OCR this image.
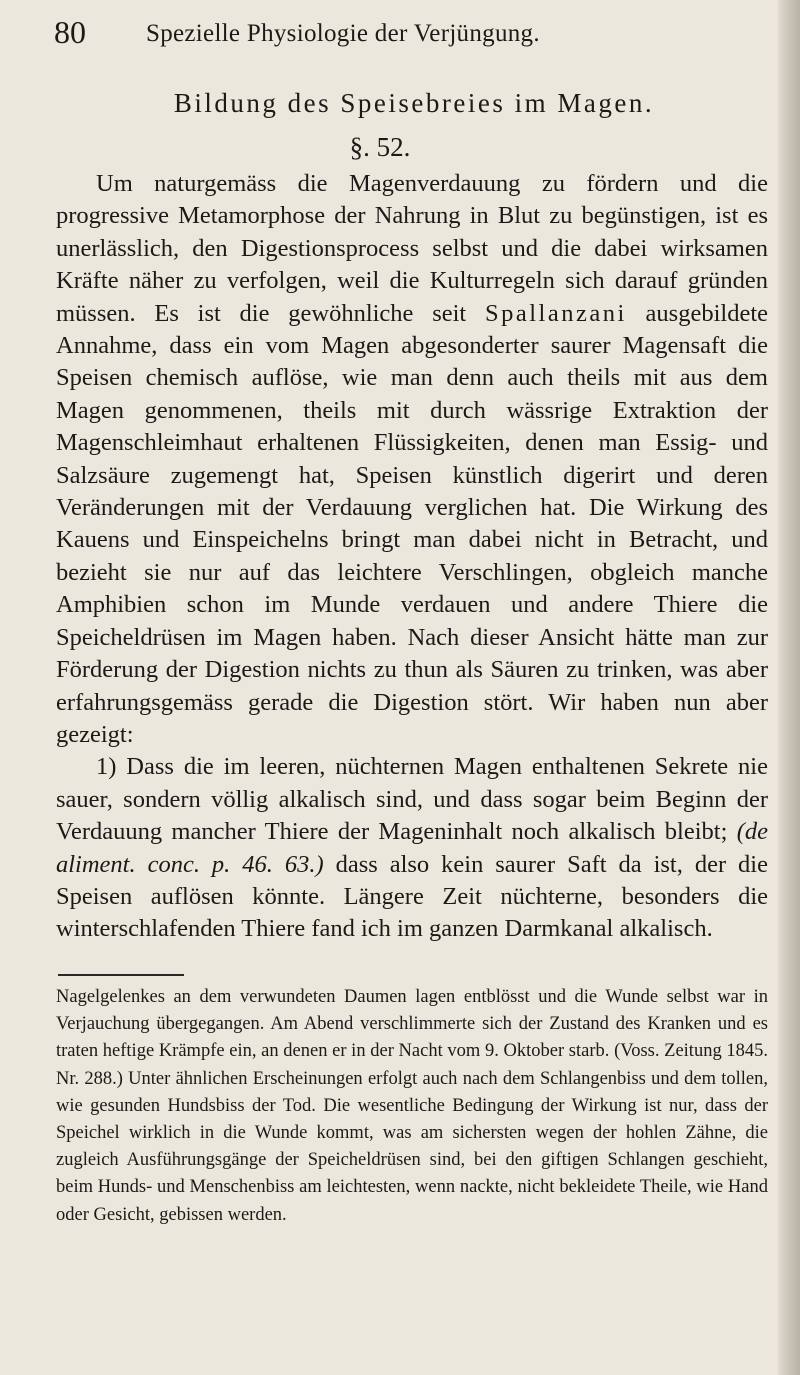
80 Spezielle Physiologie der Verjüngung.
Bildung des Speisebreies im Magen.
§. 52.

Um naturgemäss die Magenverdauung zu fördern und die progressive Metamorphose der Nahrung in Blut zu begünstigen, ist es unerlässlich, den Digestionsprocess selbst und die dabei wirksamen Kräfte näher zu verfolgen, weil die Kulturregeln sich darauf gründen müssen. Es ist die gewöhnliche seit Spallanzani ausgebildete Annahme, dass ein vom Magen abgesonderter saurer Magensaft die Speisen chemisch auflöse, wie man denn auch theils mit aus dem Magen genommenen, theils mit durch wässrige Extraktion der Magenschleimhaut erhaltenen Flüssigkeiten, denen man Essig- und Salzsäure zugemengt hat, Speisen künstlich digerirt und deren Veränderungen mit der Verdauung verglichen hat. Die Wirkung des Kauens und Einspeichelns bringt man dabei nicht in Betracht, und bezieht sie nur auf das leichtere Verschlingen, obgleich manche Amphibien schon im Munde verdauen und andere Thiere die Speicheldrüsen im Magen haben. Nach dieser Ansicht hätte man zur Förderung der Digestion nichts zu thun als Säuren zu trinken, was aber erfahrungsgemäss gerade die Digestion stört. Wir haben nun aber gezeigt:

1) Dass die im leeren, nüchternen Magen enthaltenen Sekrete nie sauer, sondern völlig alkalisch sind, und dass sogar beim Beginn der Verdauung mancher Thiere der Mageninhalt noch alkalisch bleibt; (de aliment. conc. p. 46. 63.) dass also kein saurer Saft da ist, der die Speisen auflösen könnte. Längere Zeit nüchterne, besonders die winterschlafenden Thiere fand ich im ganzen Darmkanal alkalisch.

Nagelgelenkes an dem verwundeten Daumen lagen entblösst und die Wunde selbst war in Verjauchung übergegangen. Am Abend verschlimmerte sich der Zustand des Kranken und es traten heftige Krämpfe ein, an denen er in der Nacht vom 9. Oktober starb. (Voss. Zeitung 1845. Nr. 288.) Unter ähnlichen Erscheinungen erfolgt auch nach dem Schlangenbiss und dem tollen, wie gesunden Hundsbiss der Tod. Die wesentliche Bedingung der Wirkung ist nur, dass der Speichel wirklich in die Wunde kommt, was am sichersten wegen der hohlen Zähne, die zugleich Ausführungsgänge der Speicheldrüsen sind, bei den giftigen Schlangen geschieht, beim Hunds- und Menschenbiss am leichtesten, wenn nackte, nicht bekleidete Theile, wie Hand oder Gesicht, gebissen werden.
